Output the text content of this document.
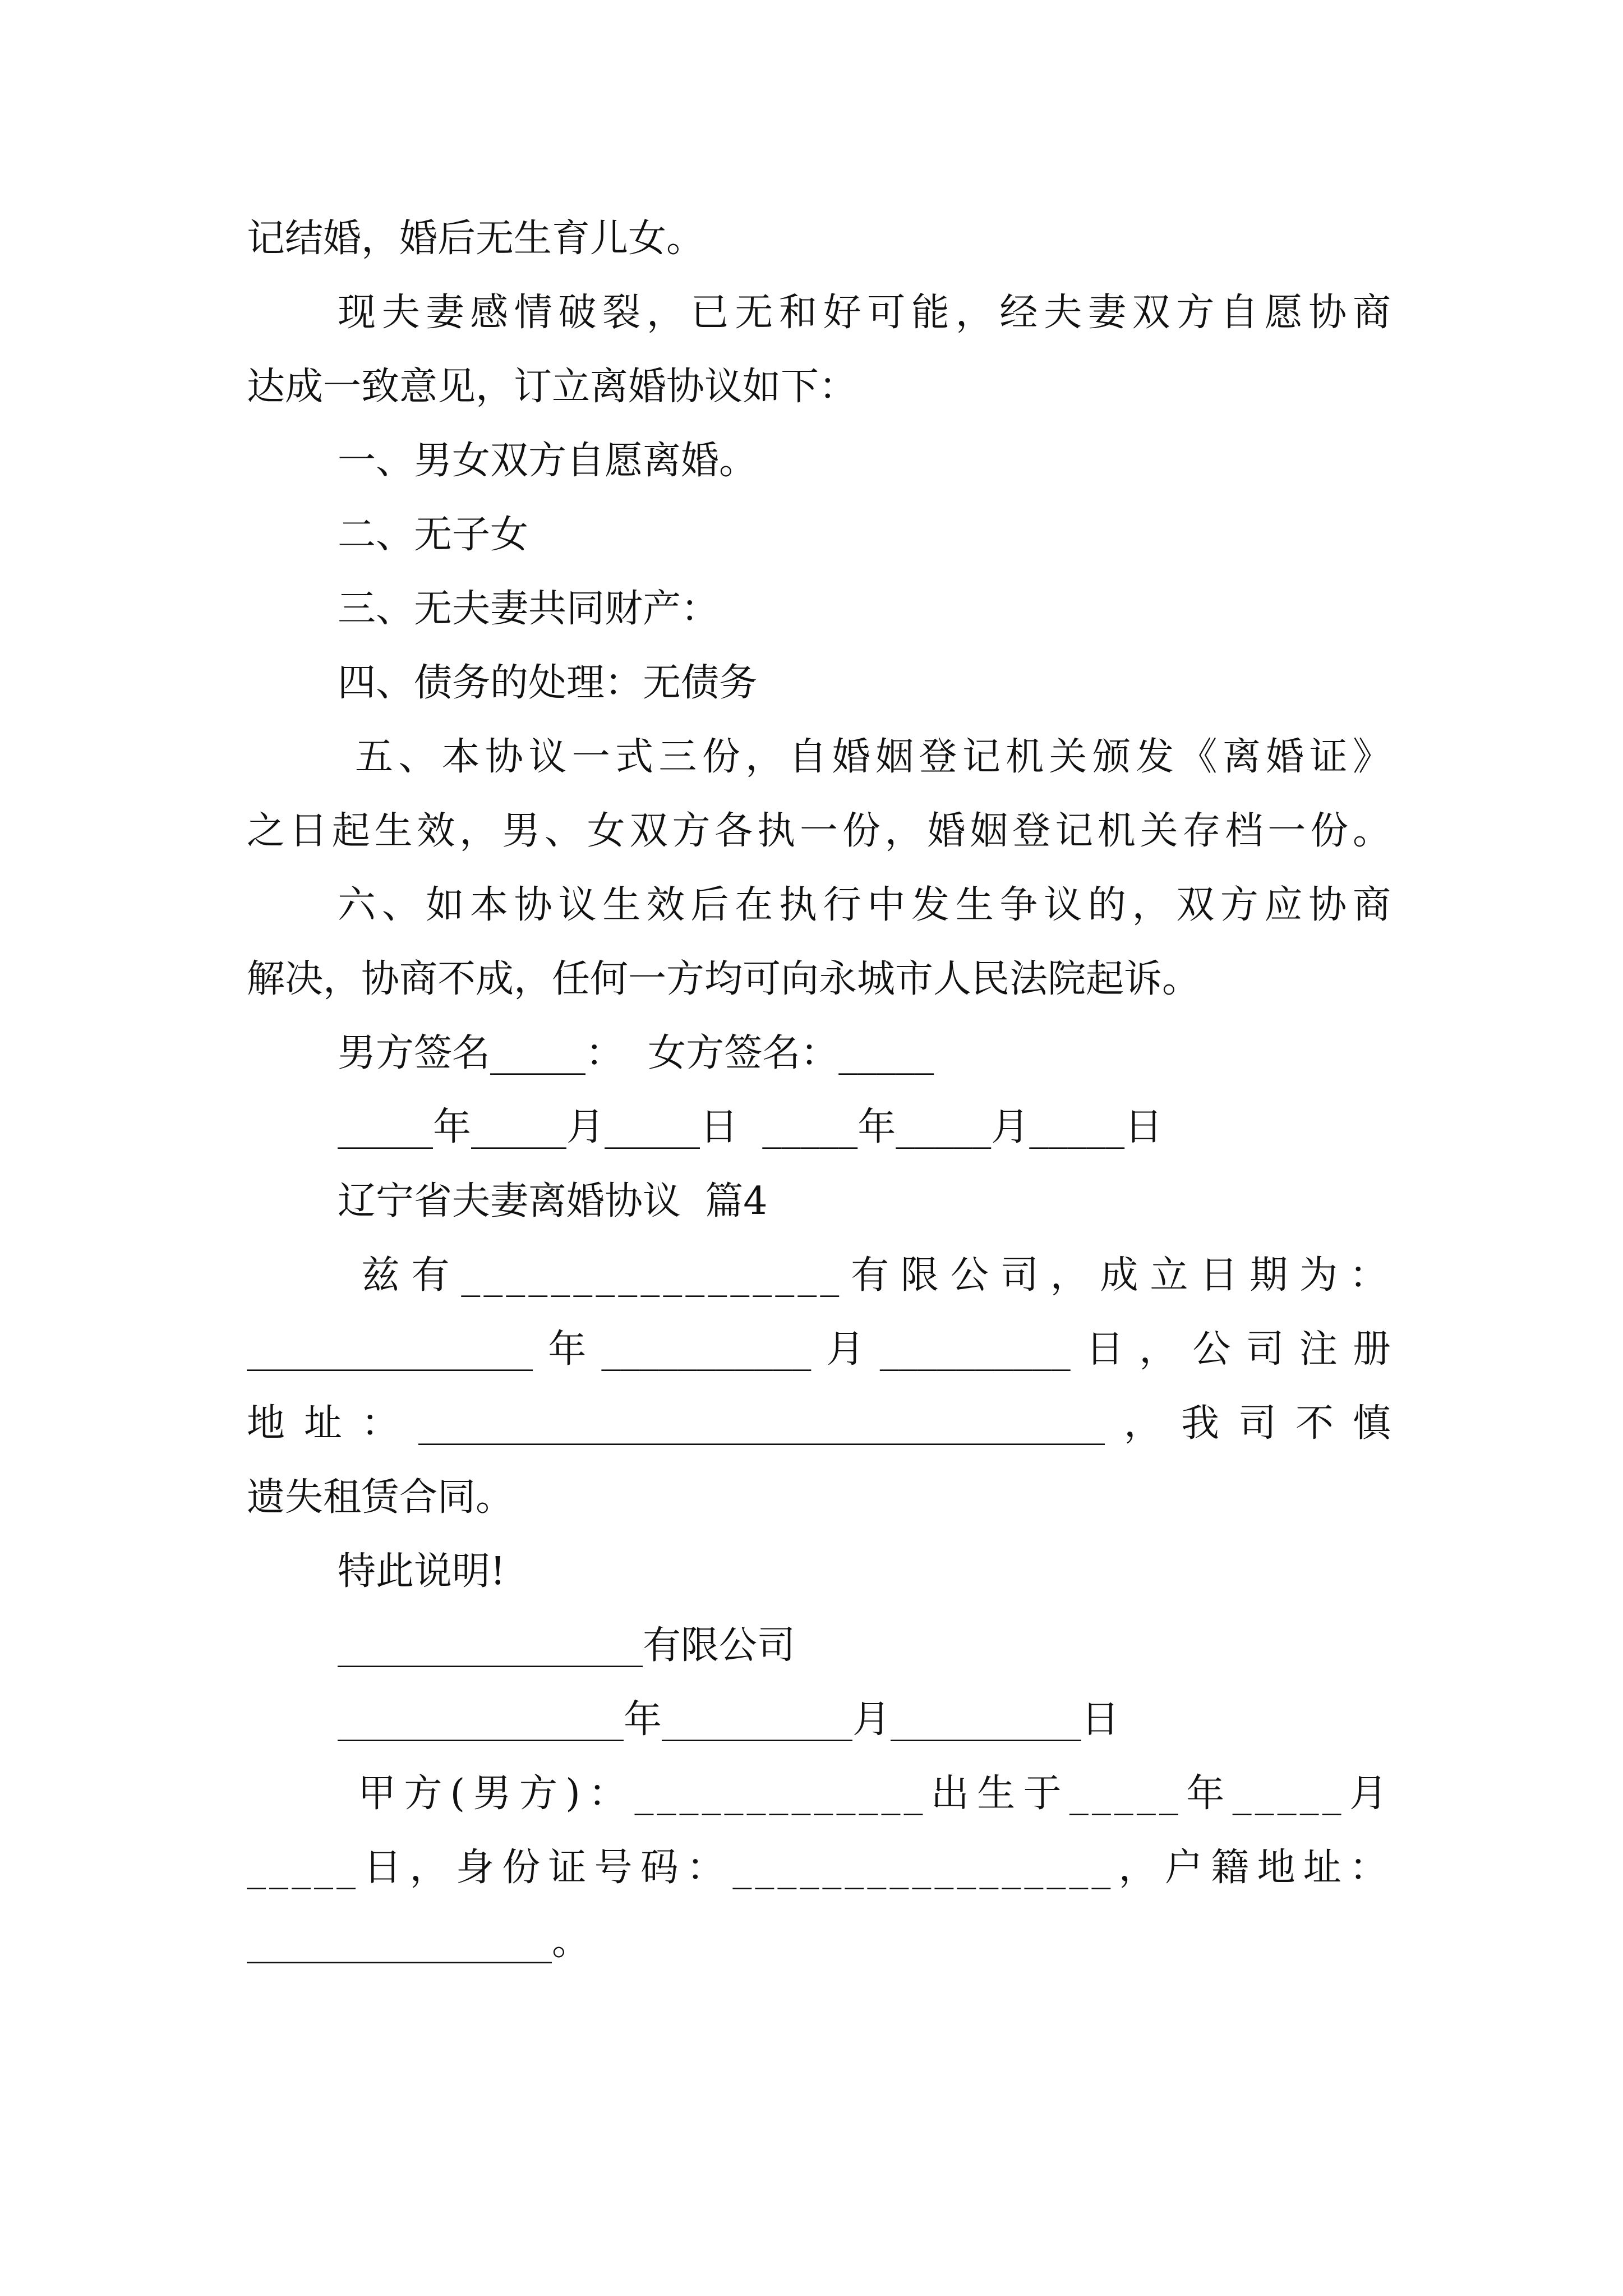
记结婚，婚后无生育儿女。
现夫妻感情破裂，已无和好可能，经夫妻双方自愿协商
达成一致意见，订立离婚协议如下：
一、男女双方自愿离婚。
二、无子女
三、无夫妻共同财产：
四、债务的处理：无债务
五、本协议一式三份，自婚姻登记机关颁发《离婚证》
之日起生效，男、女双方各执一份，婚姻登记机关存档一份。
六、如本协议生效后在执行中发生争议的，双方应协商
解决，协商不成，任何一方均可向永城市人民法院起诉。
男方签名_____：  女方签名：_____
_____年_____月_____日  _____年_____月_____日
辽宁省夫妻离婚协议  篇4
兹有_________________有限公司，成立日期为：
_______________年___________月__________日，公司注册
地址：____________________________________，我司不慎
遗失租赁合同。
特此说明!
________________有限公司
_______________年__________月__________日
甲方(男方)：_____________出生于_____年_____月
_____日，身份证号码：_________________，户籍地址：
________________。
